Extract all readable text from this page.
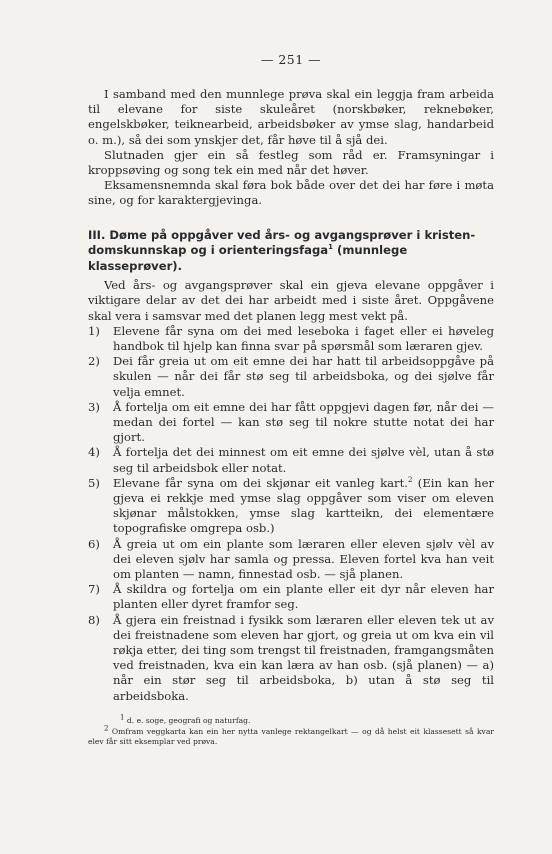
— 251 —

I samband med den munnlege prøva skal ein leggja fram arbeida til elevane for siste skuleåret (norskbøker, reknebøker, engelskbøker, teiknearbeid, arbeidsbøker av ymse slag, handarbeid o. m.), så dei som ynskjer det, får høve til å sjå dei.

Slutnaden gjer ein så festleg som råd er. Framsyningar i kroppsøving og song tek ein med når det høver.

Eksamensnemnda skal føra bok både over det dei har føre i møta sine, og for karaktergjevinga.

III. Døme på oppgåver ved års- og avgangsprøver i kristendomskunnskap og i orienteringsfaga$^1$ (munnlege klasseprøver).

Ved års- og avgangsprøver skal ein gjeva elevane oppgåver i viktigare delar av det dei har arbeidt med i siste året. Oppgåvene skal vera i samsvar med det planen legg mest vekt på.

1) Elevene får syna om dei med leseboka i faget eller ei høveleg handbok til hjelp kan finna svar på spørsmål som læraren gjev.
2) Dei får greia ut om eit emne dei har hatt til arbeidsoppgåve på skulen — når dei får stø seg til arbeidsboka, og dei sjølve får velja emnet.
3) Å fortelja om eit emne dei har fått oppgjevi dagen før, når dei — medan dei fortel — kan stø seg til nokre stutte notat dei har gjort.
4) Å fortelja det dei minnest om eit emne dei sjølve vèl, utan å stø seg til arbeidsbok eller notat.
5) Elevane får syna om dei skjønar eit vanleg kart.$^2$ (Ein kan her gjeva ei rekkje med ymse slag oppgåver som viser om eleven skjønar målstokken, ymse slag kartteikn, dei elementære topografiske omgrepa osb.)
6) Å greia ut om ein plante som læraren eller eleven sjølv vèl av dei eleven sjølv har samla og pressa. Eleven fortel kva han veit om planten — namn, finnestad osb. — sjå planen.
7) Å skildra og fortelja om ein plante eller eit dyr når eleven har planten eller dyret framfor seg.
8) Å gjera ein freistnad i fysikk som læraren eller eleven tek ut av dei freistnadene som eleven har gjort, og greia ut om kva ein vil røkja etter, dei ting som trengst til freistnaden, framgangsmåten ved freistnaden, kva ein kan læra av han osb. (sjå planen) — a) når ein stør seg til arbeidsboka, b) utan å stø seg til arbeidsboka.

$^1$ d. e. soge, geografi og naturfag.

$^2$ Omfram veggkarta kan ein her nytta vanlege rektangelkart — og då helst eit klassesett så kvar elev får sitt eksemplar ved prøva.
